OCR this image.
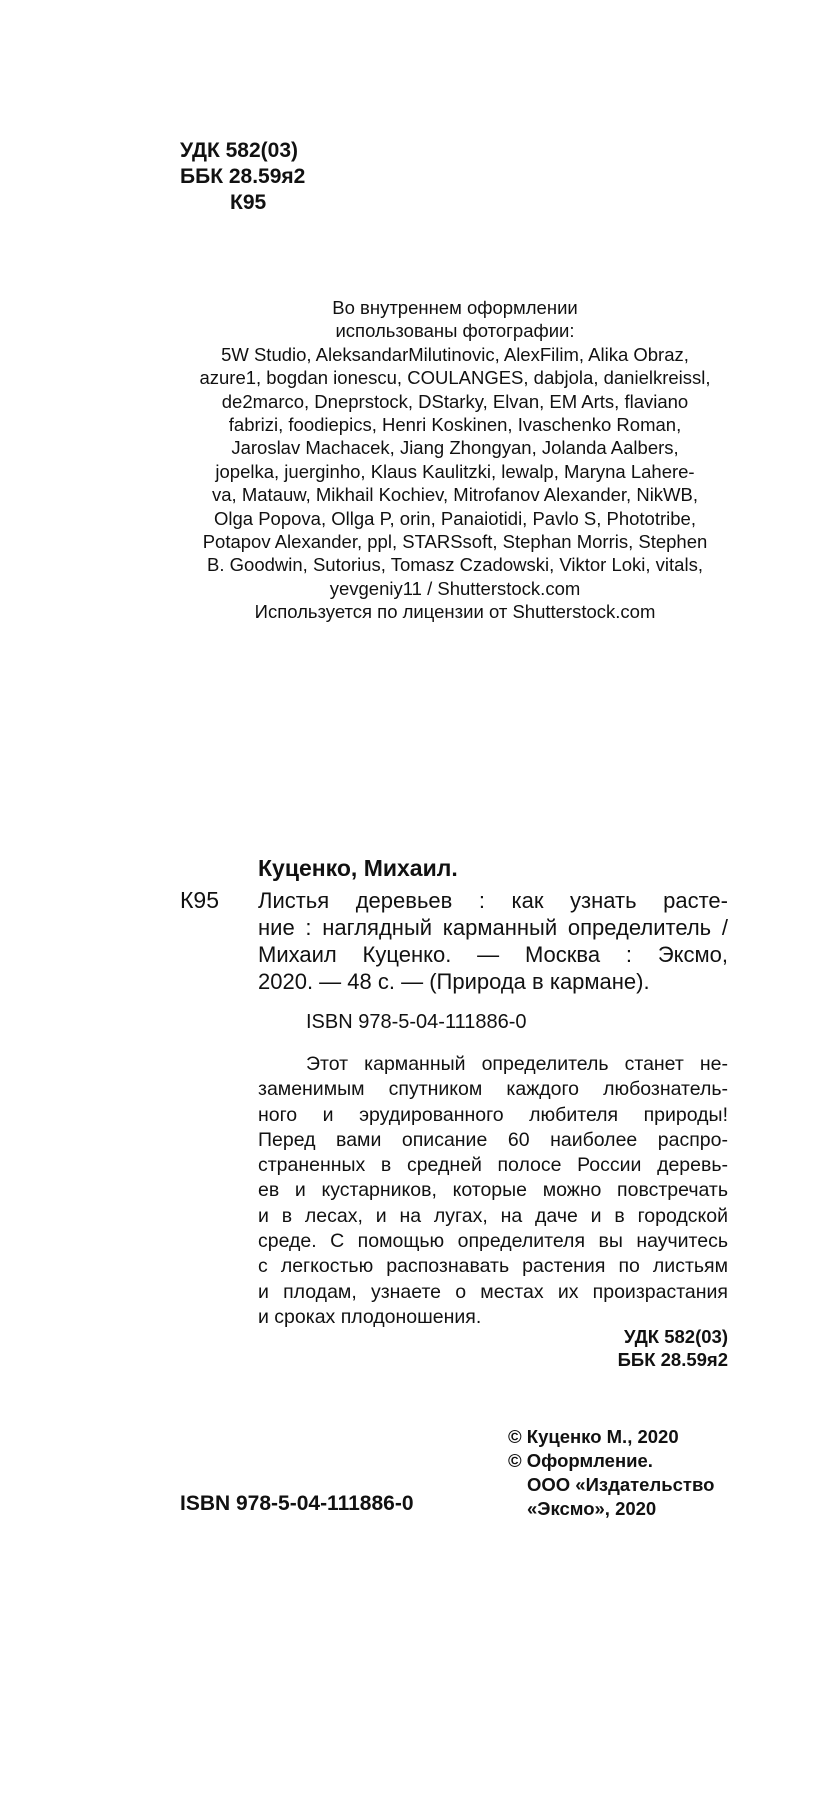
УДК 582(03)
ББК 28.59я2
К95
Во внутреннем оформлении
использованы фотографии:
5W Studio, AleksandarMilutinovic, AlexFilim, Alika Obraz,
azure1, bogdan ionescu, COULANGES, dabjola, danielkreissl,
de2marco, Dneprstock, DStarky, Elvan, EM Arts, flaviano
fabrizi, foodiepics, Henri Koskinen, Ivaschenko Roman,
Jaroslav Machacek, Jiang Zhongyan, Jolanda Aalbers,
jopelka, juerginho, Klaus Kaulitzki, lewalp, Maryna Lahere-
va, Matauw, Mikhail Kochiev, Mitrofanov Alexander, NikWB,
Olga Popova, Ollga P, orin, Panaiotidi, Pavlo S, Phototribe,
Potapov Alexander, ppl, STARSsoft, Stephan Morris, Stephen
B. Goodwin, Sutorius, Tomasz Czadowski, Viktor Loki, vitals,
yevgeniy11 / Shutterstock.com
Используется по лицензии от Shutterstock.com
Куценко, Михаил.
К95 Листья деревьев : как узнать расте-
ние : наглядный карманный определитель /
Михаил Куценко. — Москва : Эксмо,
2020. — 48 с. — (Природа в кармане).
ISBN 978-5-04-111886-0
Этот карманный определитель станет не-
заменимым спутником каждого любознатель-
ного и эрудированного любителя природы!
Перед вами описание 60 наиболее распро-
страненных в средней полосе России деревь-
ев и кустарников, которые можно повстречать
и в лесах, и на лугах, на даче и в городской
среде. С помощью определителя вы научитесь
с легкостью распознавать растения по листьям
и плодам, узнаете о местах их произрастания
и сроках плодоношения.
УДК 582(03)
ББК 28.59я2
© Куценко М., 2020
© Оформление.
ООО «Издательство
«Эксмо», 2020
ISBN 978-5-04-111886-0
